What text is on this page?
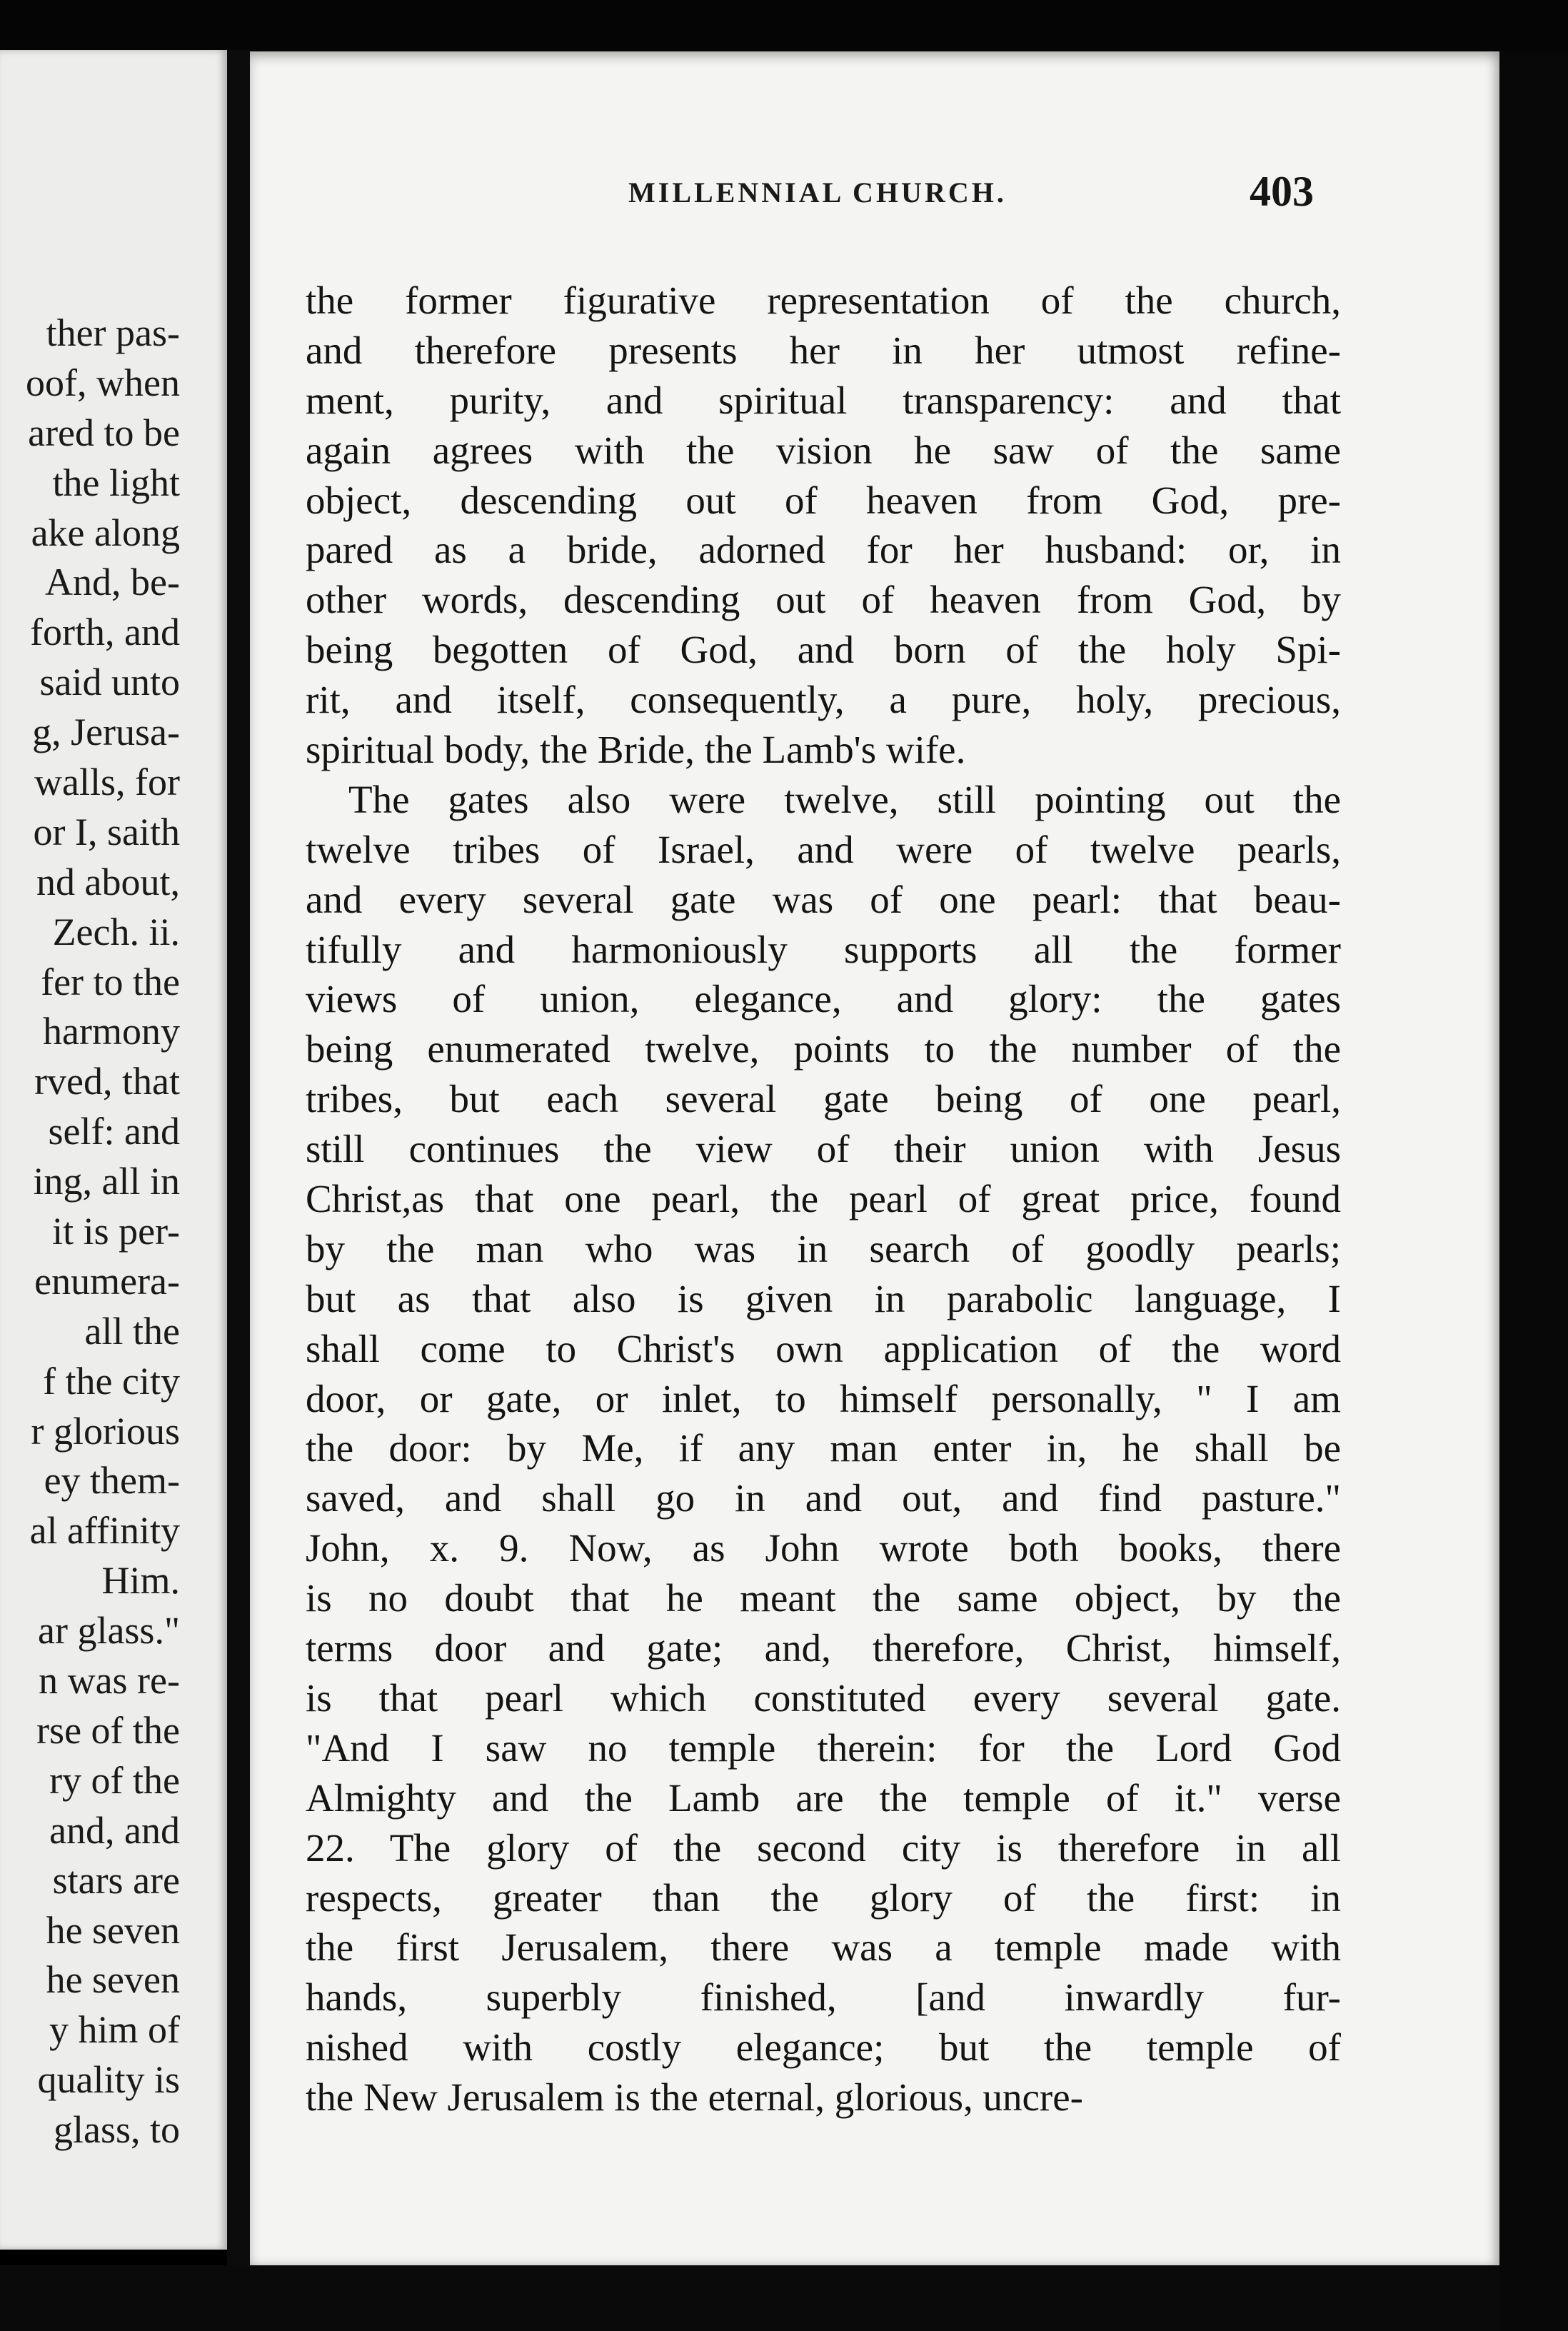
ther pas-
oof, when
ared to be
the light
ake along
And, be-
forth, and
said unto
g, Jerusa-
walls, for
or I, saith
nd about,
Zech. ii.
fer to the
harmony
rved, that
self: and
ing, all in
it is per-
enumera-
all the
f the city
r glorious
ey them-
al affinity
Him.
ar glass."
n was re-
rse of the
ry of the
and, and
stars are
he seven
he seven
y him of
quality is
glass, to
MILLENNIAL CHURCH.	403
the former figurative representation of the church,
and therefore presents her in her utmost refine-
ment, purity, and spiritual transparency: and that
again agrees with the vision he saw of the same
object, descending out of heaven from God, pre-
pared as a bride, adorned for her husband: or, in
other words, descending out of heaven from God, by
being begotten of God, and born of the holy Spi-
rit, and itself, consequently, a pure, holy, precious,
spiritual body, the Bride, the Lamb's wife.
The gates also were twelve, still pointing out the
twelve tribes of Israel, and were of twelve pearls,
and every several gate was of one pearl: that beau-
tifully and harmoniously supports all the former
views of union, elegance, and glory: the gates
being enumerated twelve, points to the number of the
tribes, but each several gate being of one pearl,
still continues the view of their union with Jesus
Christ,as that one pearl, the pearl of great price, found
by the man who was in search of goodly pearls;
but as that also is given in parabolic language, I
shall come to Christ's own application of the word
door, or gate, or inlet, to himself personally, " I am
the door: by Me, if any man enter in, he shall be
saved, and shall go in and out, and find pasture."
John, x. 9. Now, as John wrote both books, there
is no doubt that he meant the same object, by the
terms door and gate; and, therefore, Christ, himself,
is that pearl which constituted every several gate.
"And I saw no temple therein: for the Lord God
Almighty and the Lamb are the temple of it." verse
22. The glory of the second city is therefore in all
respects, greater than the glory of the first: in
the first Jerusalem, there was a temple made with
hands, superbly finished, [and inwardly fur-
nished with costly elegance; but the temple of
the New Jerusalem is the eternal, glorious, uncre-
